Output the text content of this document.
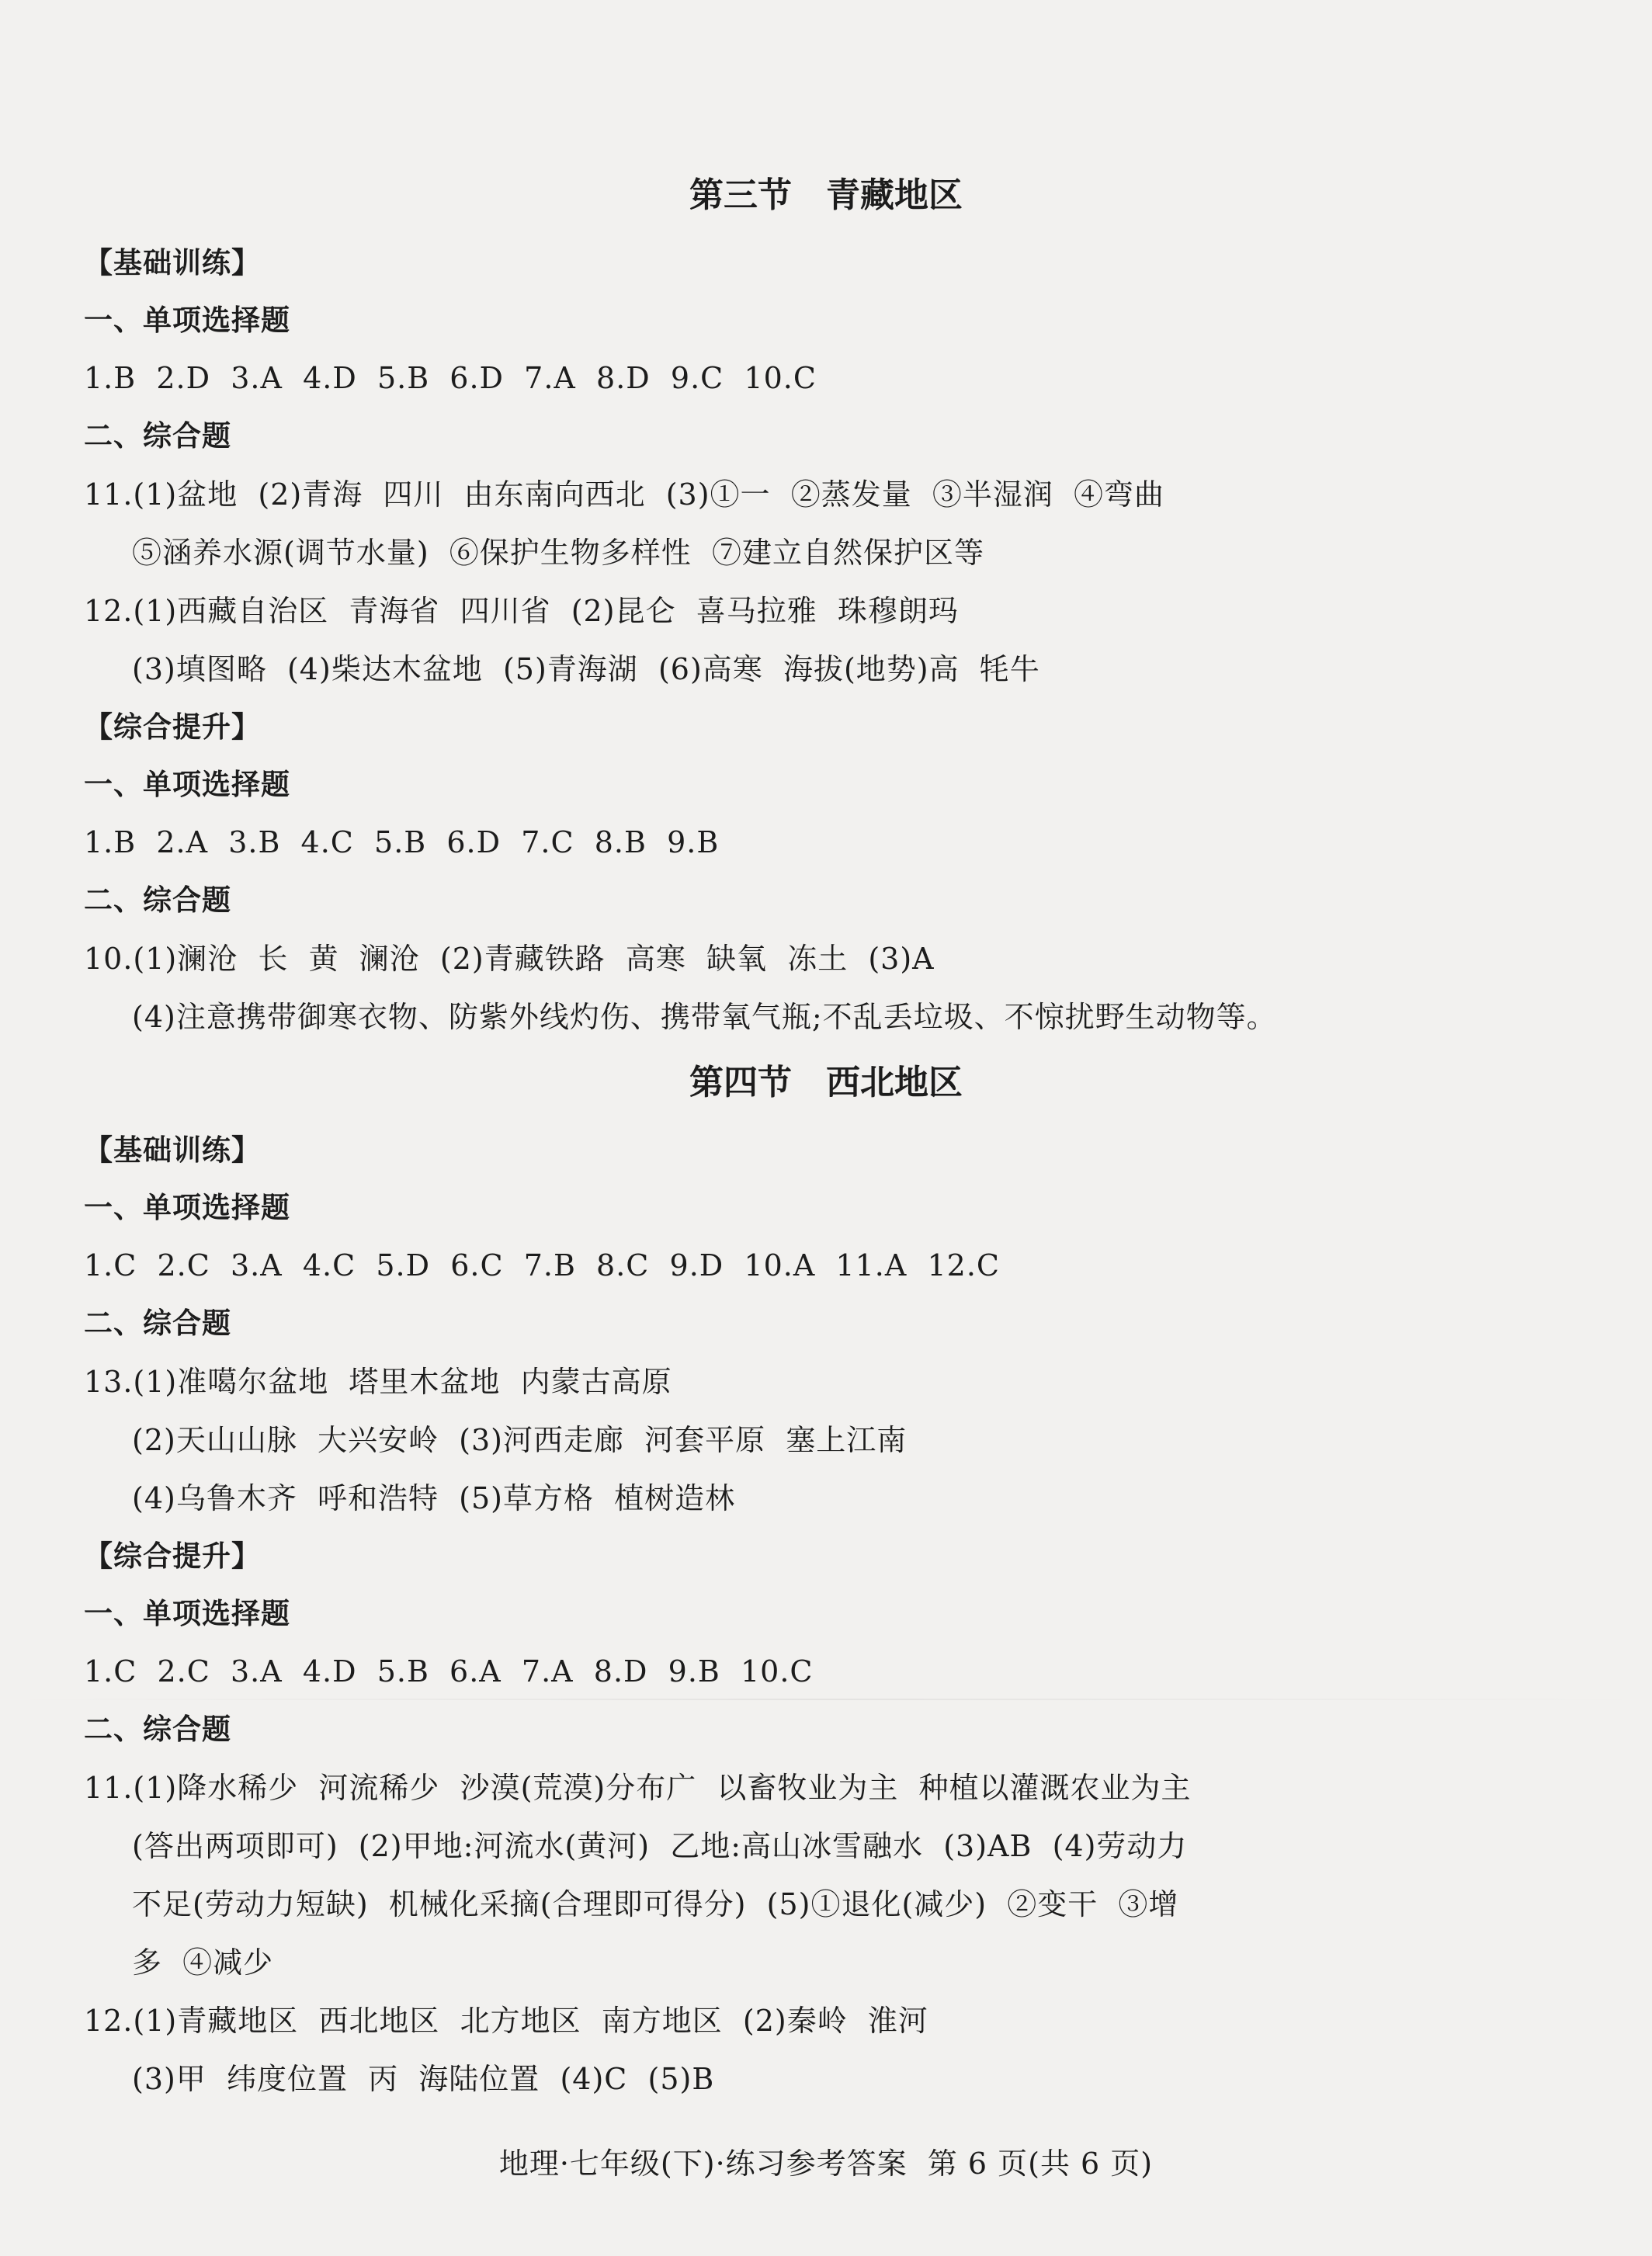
第三节　青藏地区
【基础训练】
一、单项选择题
1.B  2.D  3.A  4.D  5.B  6.D  7.A  8.D  9.C  10.C
二、综合题
11.(1)盆地  (2)青海  四川  由东南向西北  (3)①一  ②蒸发量  ③半湿润  ④弯曲
⑤涵养水源(调节水量)  ⑥保护生物多样性  ⑦建立自然保护区等
12.(1)西藏自治区  青海省  四川省  (2)昆仑  喜马拉雅  珠穆朗玛
(3)填图略  (4)柴达木盆地  (5)青海湖  (6)高寒  海拔(地势)高  牦牛
【综合提升】
一、单项选择题
1.B  2.A  3.B  4.C  5.B  6.D  7.C  8.B  9.B
二、综合题
10.(1)澜沧  长  黄  澜沧  (2)青藏铁路  高寒  缺氧  冻土  (3)A
(4)注意携带御寒衣物、防紫外线灼伤、携带氧气瓶;不乱丢垃圾、不惊扰野生动物等。
第四节　西北地区
【基础训练】
一、单项选择题
1.C  2.C  3.A  4.C  5.D  6.C  7.B  8.C  9.D  10.A  11.A  12.C
二、综合题
13.(1)准噶尔盆地  塔里木盆地  内蒙古高原
(2)天山山脉  大兴安岭  (3)河西走廊  河套平原  塞上江南
(4)乌鲁木齐  呼和浩特  (5)草方格  植树造林
【综合提升】
一、单项选择题
1.C  2.C  3.A  4.D  5.B  6.A  7.A  8.D  9.B  10.C
二、综合题
11.(1)降水稀少  河流稀少  沙漠(荒漠)分布广  以畜牧业为主  种植以灌溉农业为主
(答出两项即可)  (2)甲地:河流水(黄河)  乙地:高山冰雪融水  (3)AB  (4)劳动力
不足(劳动力短缺)  机械化采摘(合理即可得分)  (5)①退化(减少)  ②变干  ③增
多  ④减少
12.(1)青藏地区  西北地区  北方地区  南方地区  (2)秦岭  淮河
(3)甲  纬度位置  丙  海陆位置  (4)C  (5)B
地理·七年级(下)·练习参考答案  第 6 页(共 6 页)
